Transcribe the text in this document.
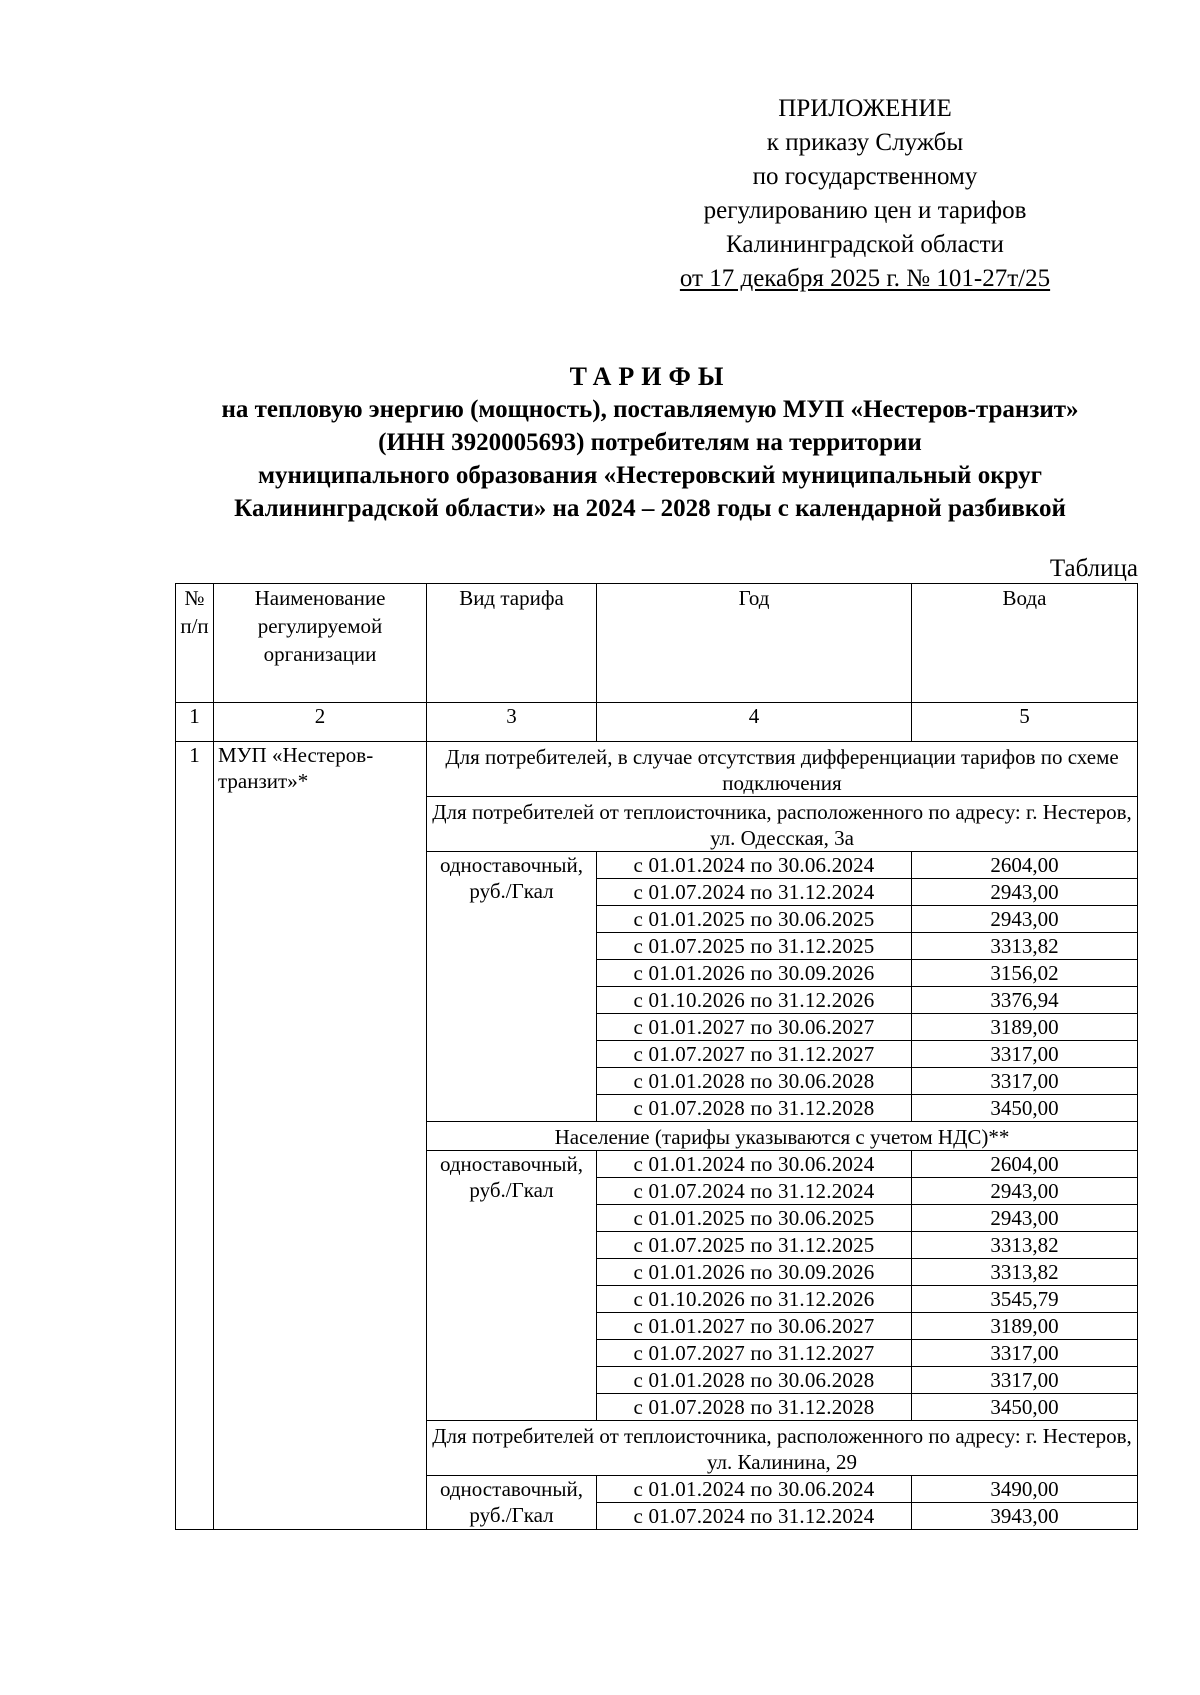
ПРИЛОЖЕНИЕ
к приказу Службы
по государственному
регулированию цен и тарифов
Калининградской области
от 17 декабря 2025 г. № 101-27т/25
ТАРИФЫ
на тепловую энергию (мощность), поставляемую МУП «Нестеров-транзит»
(ИНН 3920005693) потребителям на территории
муниципального образования «Нестеровский муниципальный округ
Калининградской области» на 2024 – 2028 годы с календарной разбивкой
Таблица
№ п/п	Наименование регулируемой организации	Вид тарифа	Год	Вода
1	2	3	4	5
1	МУП «Нестеров-транзит»*	Для потребителей, в случае отсутствия дифференциации тарифов по схеме подключения		
		Для потребителей от теплоисточника, расположенного по адресу: г. Нестеров, ул. Одесская, 3а		
		одноставочный, руб./Гкал	с 01.01.2024 по 30.06.2024	2604,00
			с 01.07.2024 по 31.12.2024	2943,00
			с 01.01.2025 по 30.06.2025	2943,00
			с 01.07.2025 по 31.12.2025	3313,82
			с 01.01.2026 по 30.09.2026	3156,02
			с 01.10.2026 по 31.12.2026	3376,94
			с 01.01.2027 по 30.06.2027	3189,00
			с 01.07.2027 по 31.12.2027	3317,00
			с 01.01.2028 по 30.06.2028	3317,00
			с 01.07.2028 по 31.12.2028	3450,00
		Население (тарифы указываются с учетом НДС)**		
		одноставочный, руб./Гкал	с 01.01.2024 по 30.06.2024	2604,00
			с 01.07.2024 по 31.12.2024	2943,00
			с 01.01.2025 по 30.06.2025	2943,00
			с 01.07.2025 по 31.12.2025	3313,82
			с 01.01.2026 по 30.09.2026	3313,82
			с 01.10.2026 по 31.12.2026	3545,79
			с 01.01.2027 по 30.06.2027	3189,00
			с 01.07.2027 по 31.12.2027	3317,00
			с 01.01.2028 по 30.06.2028	3317,00
			с 01.07.2028 по 31.12.2028	3450,00
		Для потребителей от теплоисточника, расположенного по адресу: г. Нестеров, ул. Калинина, 29		
		одноставочный, руб./Гкал	с 01.01.2024 по 30.06.2024	3490,00
			с 01.07.2024 по 31.12.2024	3943,00
